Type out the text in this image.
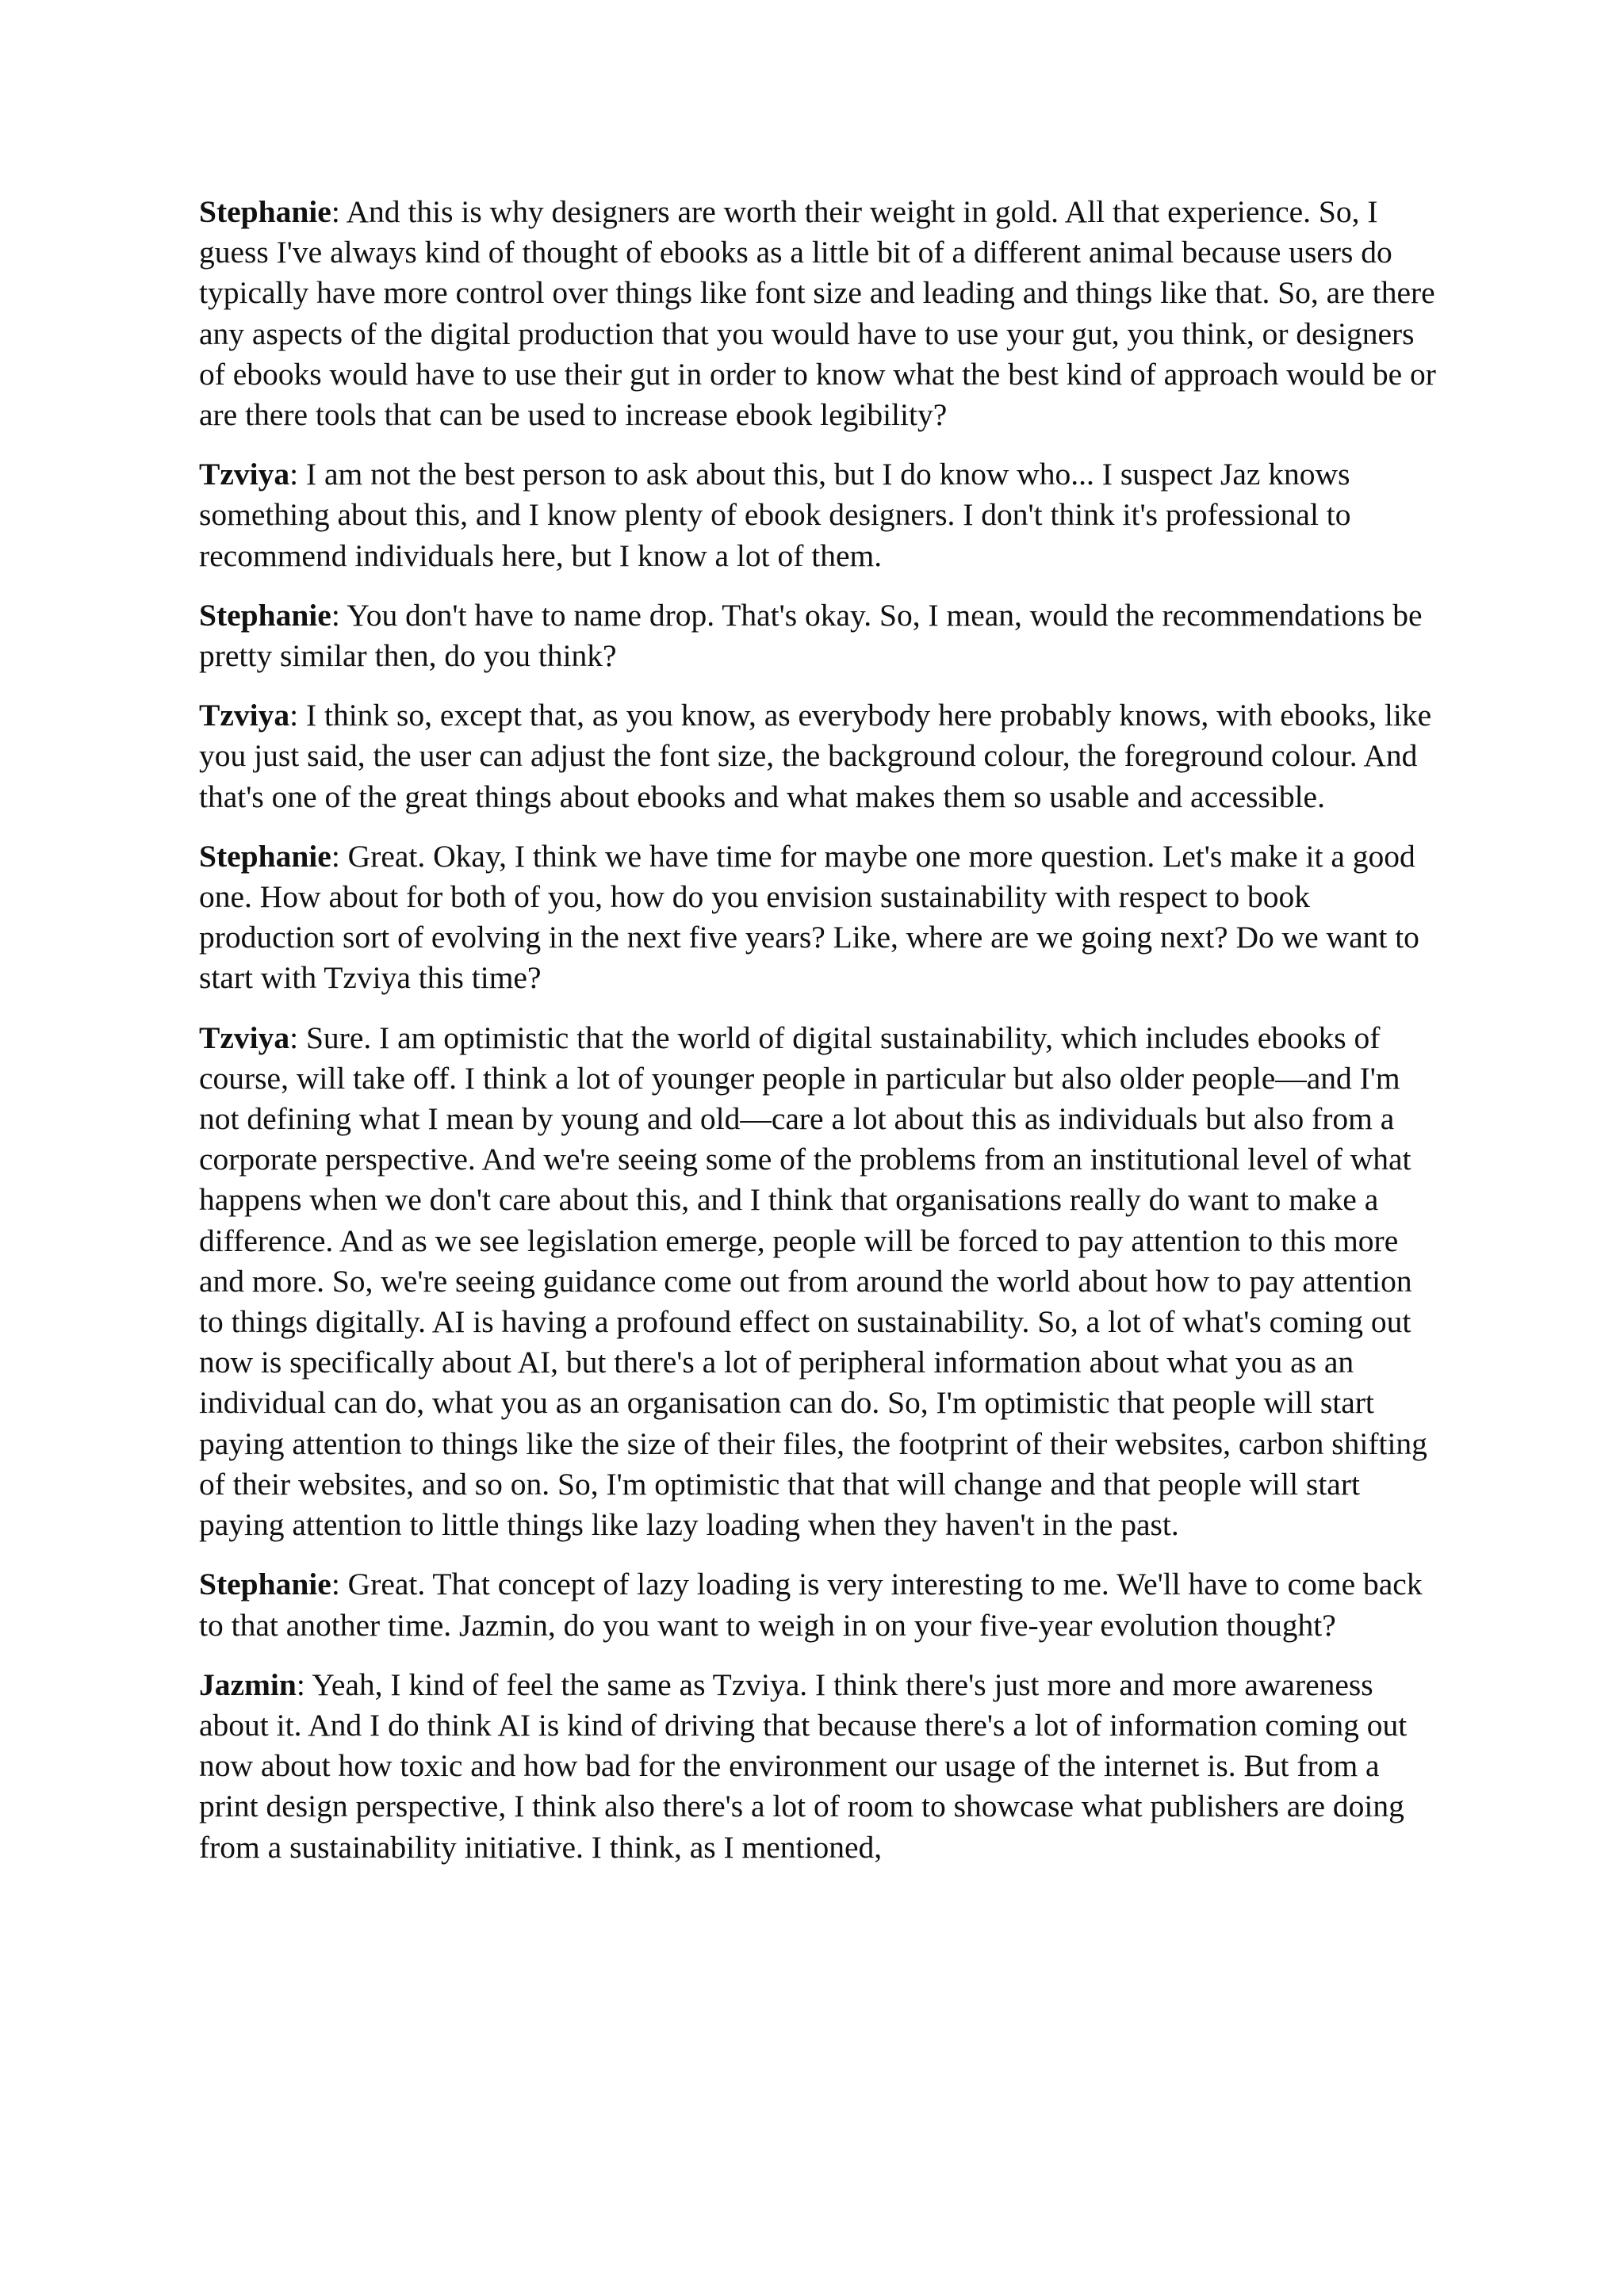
Stephanie: And this is why designers are worth their weight in gold. All that experience. So, I guess I've always kind of thought of ebooks as a little bit of a different animal because users do typically have more control over things like font size and leading and things like that. So, are there any aspects of the digital production that you would have to use your gut, you think, or designers of ebooks would have to use their gut in order to know what the best kind of approach would be or are there tools that can be used to increase ebook legibility?

Tzviya: I am not the best person to ask about this, but I do know who... I suspect Jaz knows something about this, and I know plenty of ebook designers. I don't think it's professional to recommend individuals here, but I know a lot of them.

Stephanie: You don't have to name drop. That's okay. So, I mean, would the recommendations be pretty similar then, do you think?

Tzviya: I think so, except that, as you know, as everybody here probably knows, with ebooks, like you just said, the user can adjust the font size, the background colour, the foreground colour. And that's one of the great things about ebooks and what makes them so usable and accessible.

Stephanie: Great. Okay, I think we have time for maybe one more question. Let's make it a good one. How about for both of you, how do you envision sustainability with respect to book production sort of evolving in the next five years? Like, where are we going next? Do we want to start with Tzviya this time?

Tzviya: Sure. I am optimistic that the world of digital sustainability, which includes ebooks of course, will take off. I think a lot of younger people in particular but also older people—and I'm not defining what I mean by young and old—care a lot about this as individuals but also from a corporate perspective. And we're seeing some of the problems from an institutional level of what happens when we don't care about this, and I think that organisations really do want to make a difference. And as we see legislation emerge, people will be forced to pay attention to this more and more. So, we're seeing guidance come out from around the world about how to pay attention to things digitally. AI is having a profound effect on sustainability. So, a lot of what's coming out now is specifically about AI, but there's a lot of peripheral information about what you as an individual can do, what you as an organisation can do. So, I'm optimistic that people will start paying attention to things like the size of their files, the footprint of their websites, carbon shifting of their websites, and so on. So, I'm optimistic that that will change and that people will start paying attention to little things like lazy loading when they haven't in the past.

Stephanie: Great. That concept of lazy loading is very interesting to me. We'll have to come back to that another time. Jazmin, do you want to weigh in on your five-year evolution thought?

Jazmin: Yeah, I kind of feel the same as Tzviya. I think there's just more and more awareness about it. And I do think AI is kind of driving that because there's a lot of information coming out now about how toxic and how bad for the environment our usage of the internet is. But from a print design perspective, I think also there's a lot of room to showcase what publishers are doing from a sustainability initiative. I think, as I mentioned,
